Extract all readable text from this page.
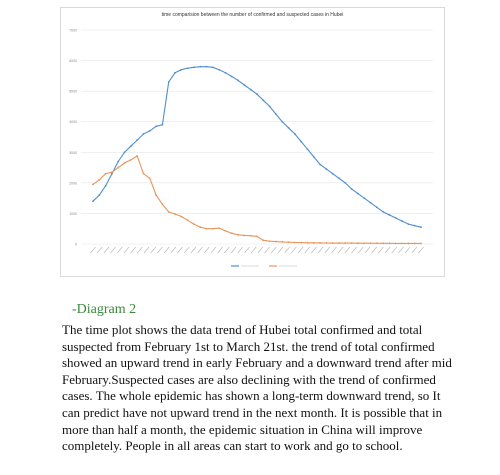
time comparision between the number of confirmed and suspected cases in Hubei
0
1000
2000
3000
4000
5000
6000
7000
-Diagram 2

The time plot shows the data trend of Hubei total confirmed and total suspected from February 1st to March 21st. the trend of total confirmed showed an upward trend in early February and a downward trend after mid February.Suspected cases are also declining with the trend of confirmed cases. The whole epidemic has shown a long-term downward trend, so It can predict have not upward trend in the next month. It is possible that in more than half a month, the epidemic situation in China will improve completely. People in all areas can start to work and go to school.
